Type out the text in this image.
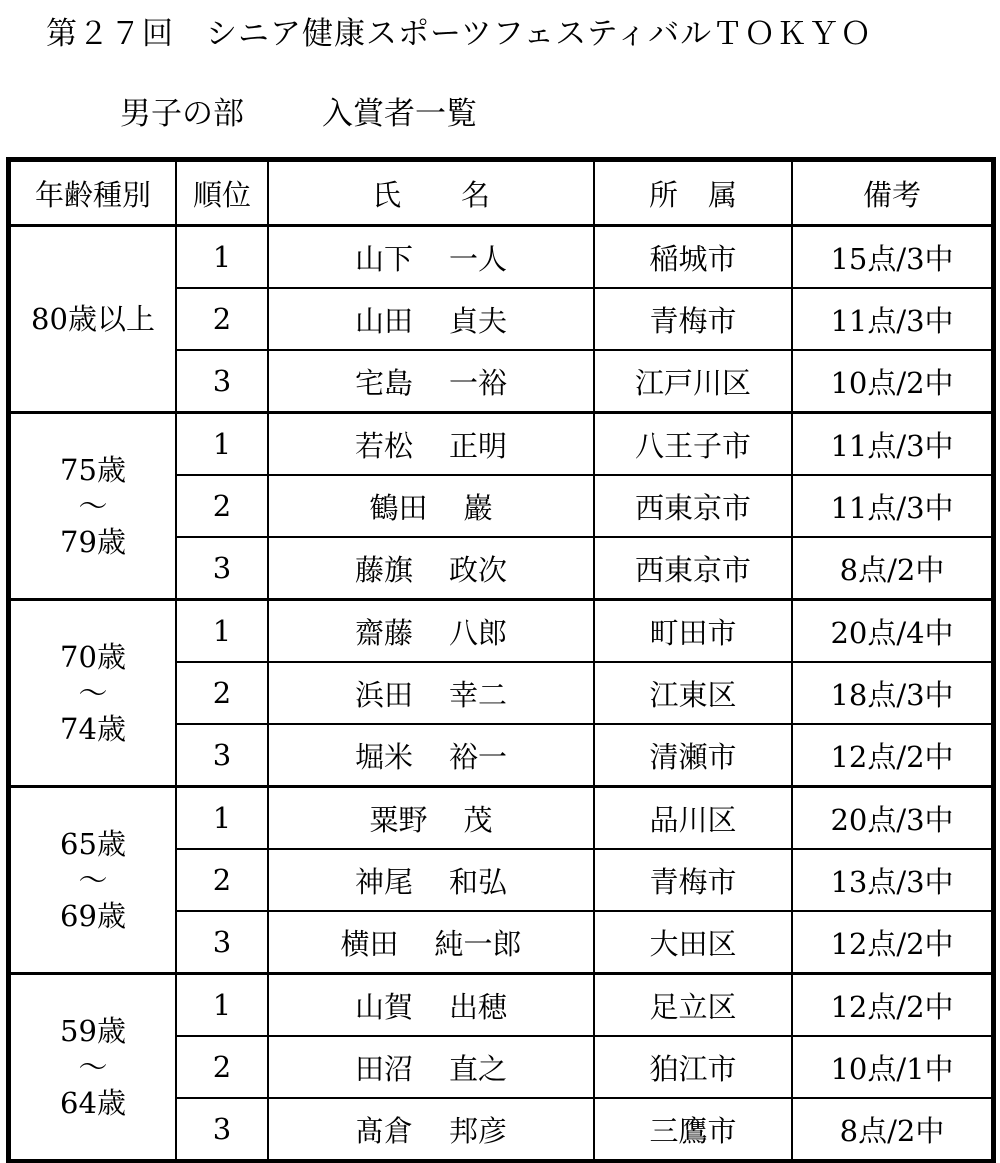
第２７回　シニア健康スポーツフェスティバルＴＯＫＹＯ
男子の部	入賞者一覧
年齢種別	順位	氏 名	所 属	備考

80歳以上	1	山下 一人	稲城市	15点/3中
	2	山田 貞夫	青梅市	11点/3中
	3	宅島 一裕	江戸川区	10点/2中

75歳
～
79歳	1	若松 正明	八王子市	11点/3中
	2	鶴田 巖	西東京市	11点/3中
	3	藤旗 政次	西東京市	8点/2中

70歳
～
74歳	1	齋藤 八郎	町田市	20点/4中
	2	浜田 幸二	江東区	18点/3中
	3	堀米 裕一	清瀬市	12点/2中

65歳
～
69歳	1	粟野 茂	品川区	20点/3中
	2	神尾 和弘	青梅市	13点/3中
	3	横田 純一郎	大田区	12点/2中

59歳
～
64歳	1	山賀 出穂	足立区	12点/2中
	2	田沼 直之	狛江市	10点/1中
	3	髙倉 邦彦	三鷹市	8点/2中
